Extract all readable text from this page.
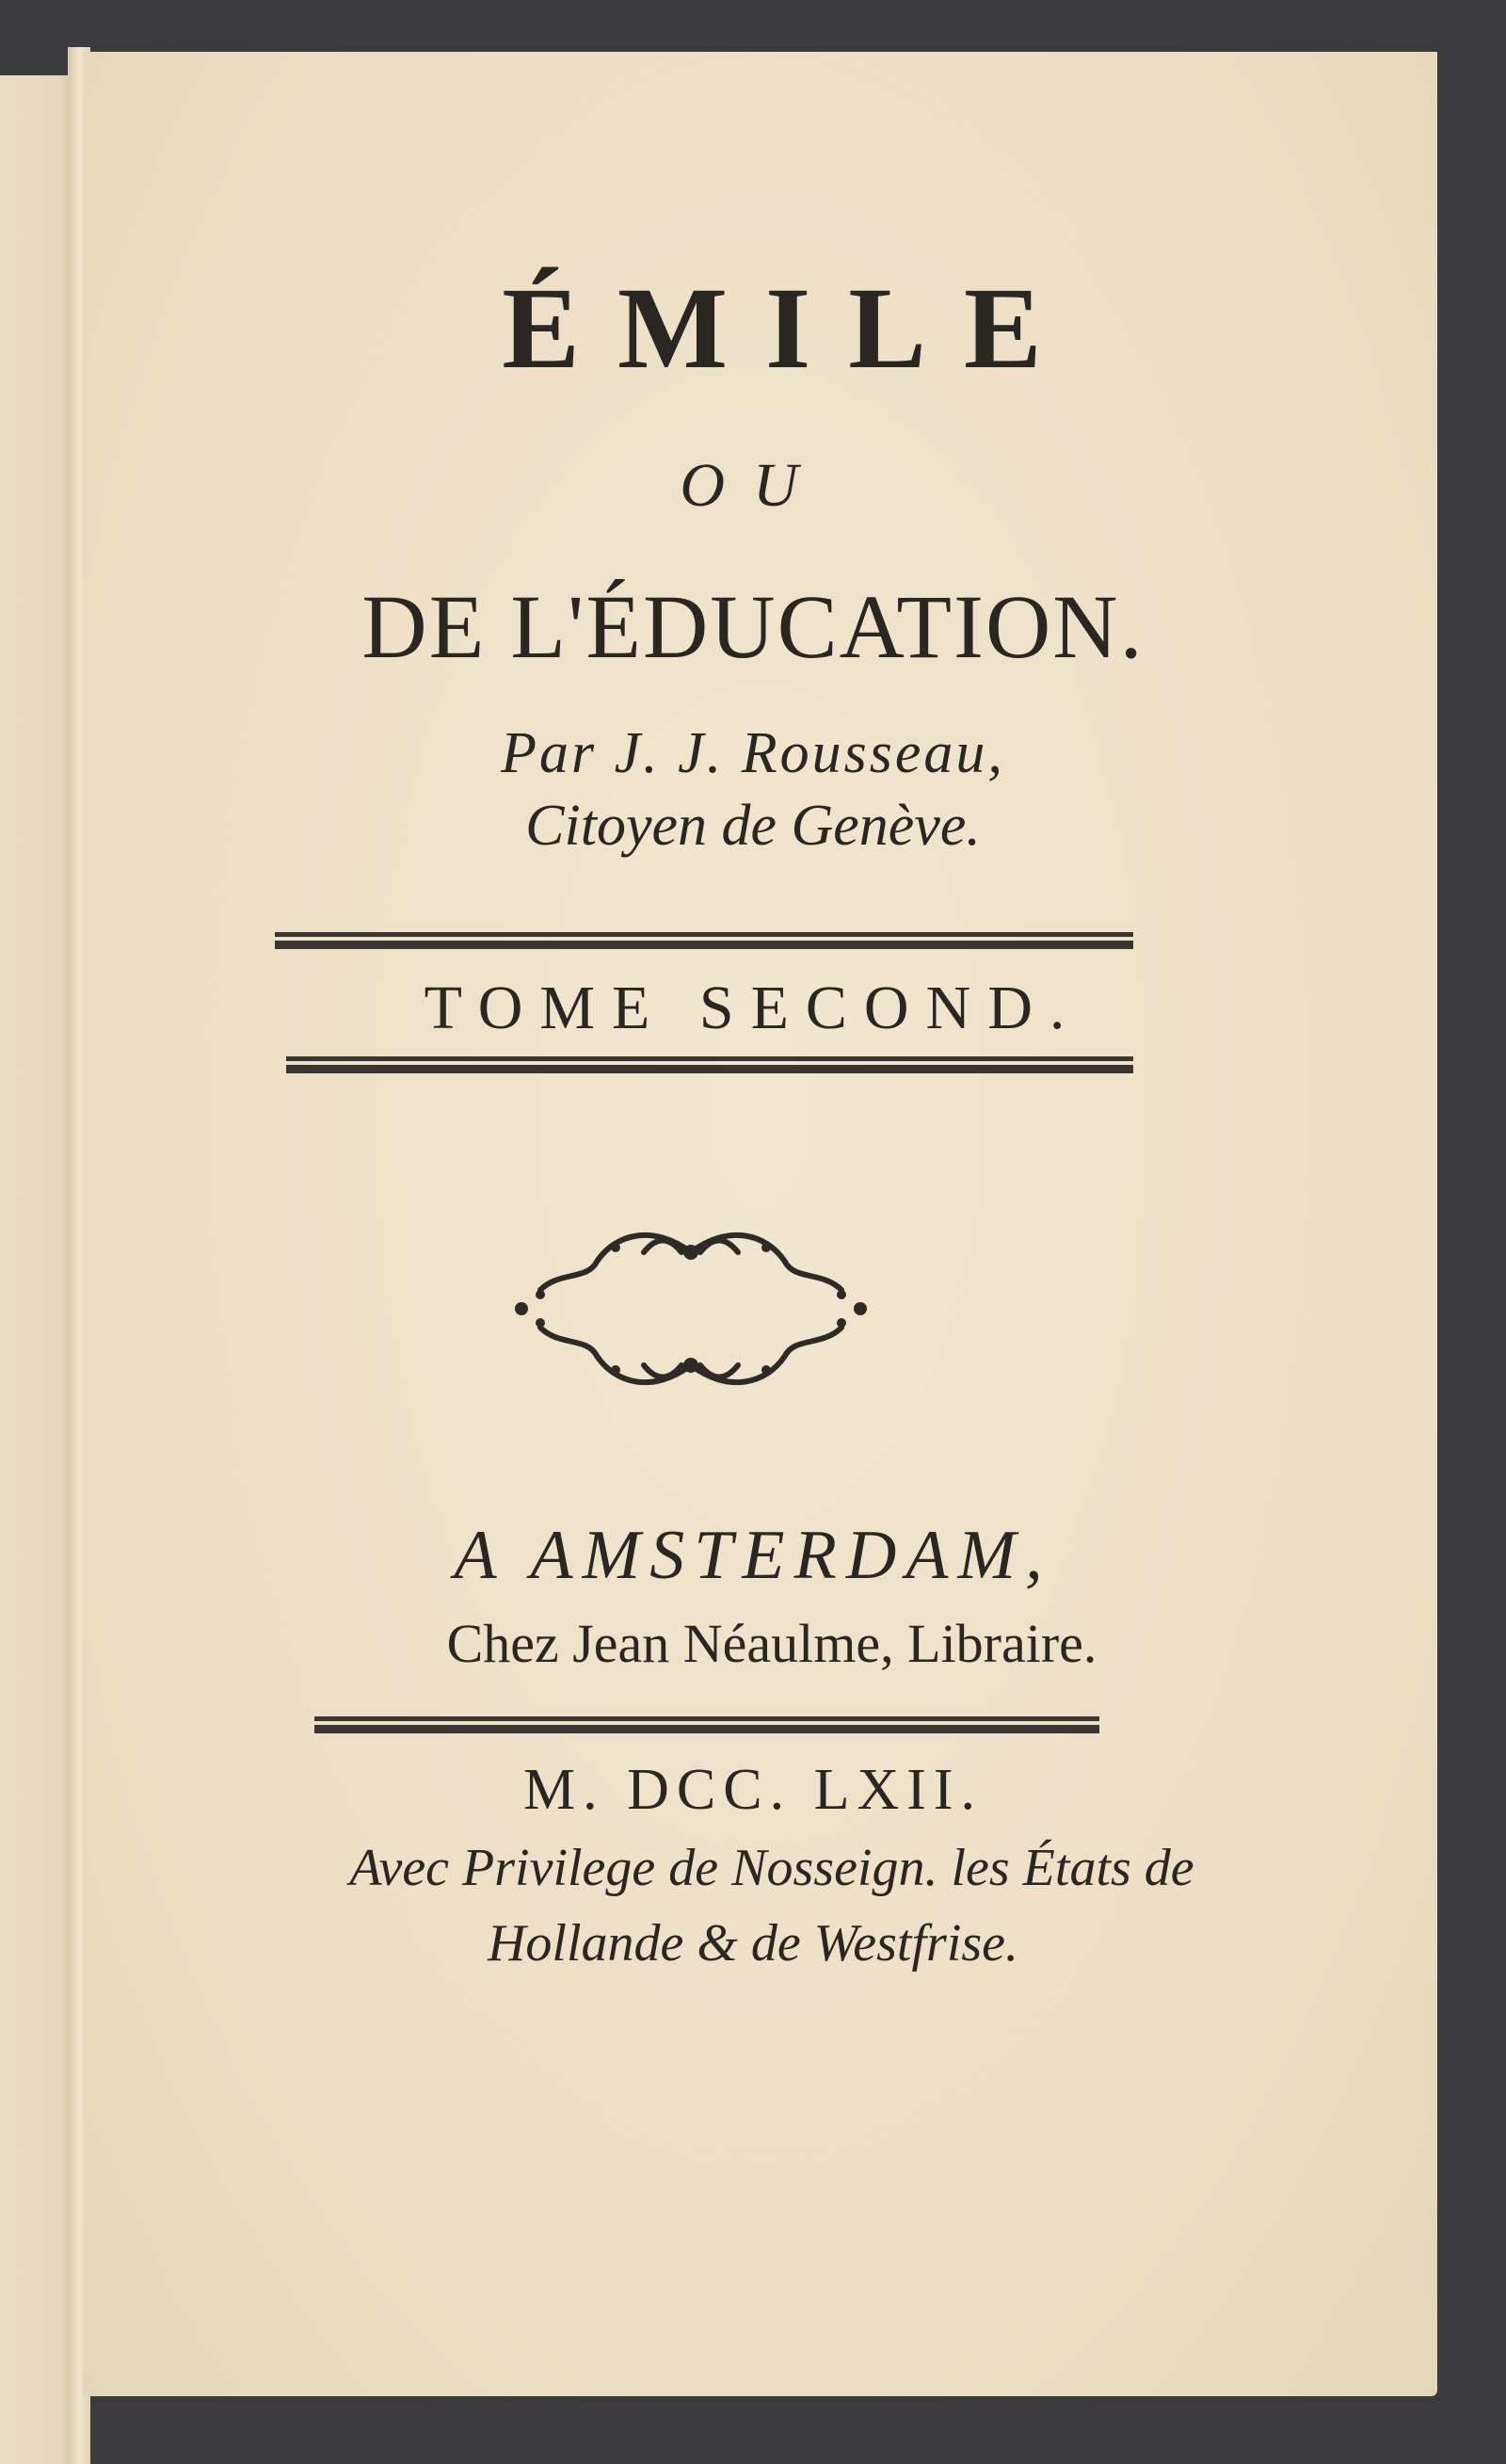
ÉMILE
OU
DE L'ÉDUCATION.
Par J. J. Rousseau,
Citoyen de Genève.
TOME SECOND.
A AMSTERDAM,
Chez Jean Néaulme, Libraire.
M. DCC. LXII.
Avec Privilege de Nosseign. les États de
Hollande & de Westfrise.
